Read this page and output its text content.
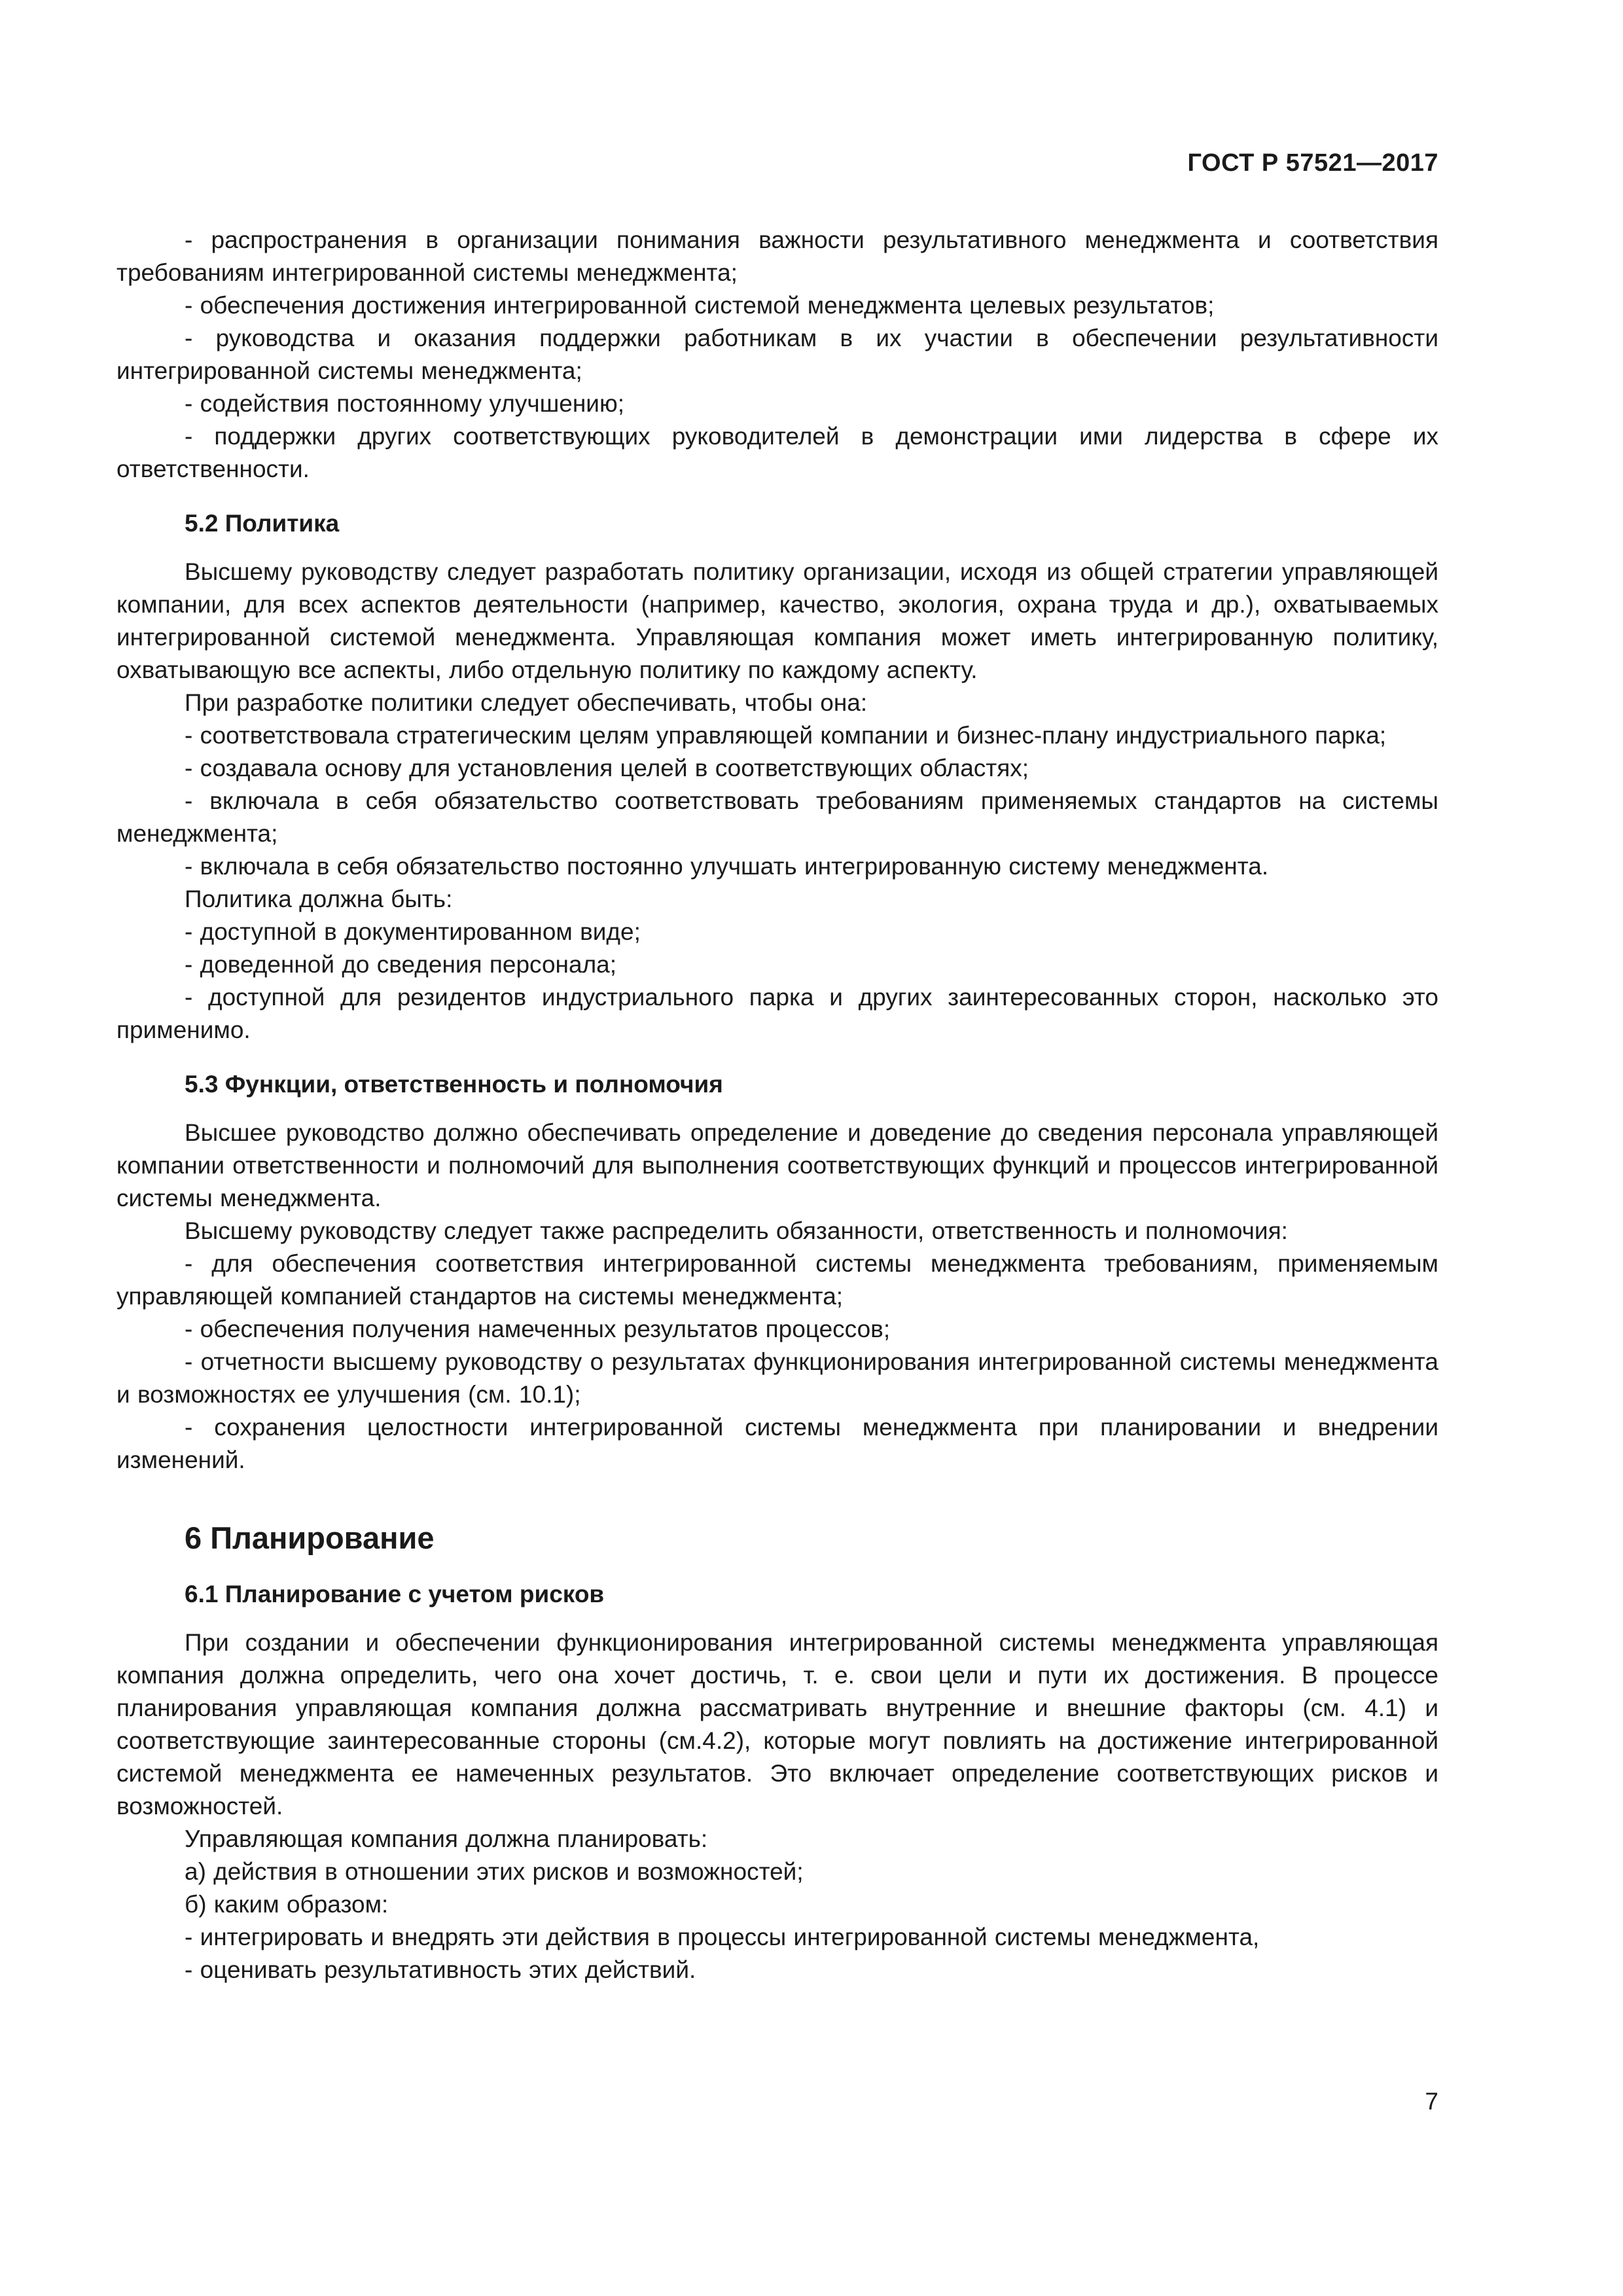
ГОСТ Р 57521—2017

- распространения в организации понимания важности результативного менеджмента и соответствия требованиям интегрированной системы менеджмента;

- обеспечения достижения интегрированной системой менеджмента целевых результатов;

- руководства и оказания поддержки работникам в их участии в обеспечении результативности интегрированной системы менеджмента;

- содействия постоянному улучшению;

- поддержки других соответствующих руководителей в демонстрации ими лидерства в сфере их ответственности.

5.2 Политика

Высшему руководству следует разработать политику организации, исходя из общей стратегии управляющей компании, для всех аспектов деятельности (например, качество, экология, охрана труда и др.), охватываемых интегрированной системой менеджмента. Управляющая компания может иметь интегрированную политику, охватывающую все аспекты, либо отдельную политику по каждому аспекту.

При разработке политики следует обеспечивать, чтобы она:

- соответствовала стратегическим целям управляющей компании и бизнес-плану индустриального парка;

- создавала основу для установления целей в соответствующих областях;

- включала в себя обязательство соответствовать требованиям применяемых стандартов на системы менеджмента;

- включала в себя обязательство постоянно улучшать интегрированную систему менеджмента.

Политика должна быть:

- доступной в документированном виде;

- доведенной до сведения персонала;

- доступной для резидентов индустриального парка и других заинтересованных сторон, насколько это применимо.

5.3 Функции, ответственность и полномочия

Высшее руководство должно обеспечивать определение и доведение до сведения персонала управляющей компании ответственности и полномочий для выполнения соответствующих функций и процессов интегрированной системы менеджмента.

Высшему руководству следует также распределить обязанности, ответственность и полномочия:

- для обеспечения соответствия интегрированной системы менеджмента требованиям, применяемым управляющей компанией стандартов на системы менеджмента;

- обеспечения получения намеченных результатов процессов;

- отчетности высшему руководству о результатах функционирования интегрированной системы менеджмента и возможностях ее улучшения (см. 10.1);

- сохранения целостности интегрированной системы менеджмента при планировании и внедрении изменений.

6 Планирование
6.1 Планирование с учетом рисков

При создании и обеспечении функционирования интегрированной системы менеджмента управляющая компания должна определить, чего она хочет достичь, т. е. свои цели и пути их достижения. В процессе планирования управляющая компания должна рассматривать внутренние и внешние факторы (см. 4.1) и соответствующие заинтересованные стороны (см.4.2), которые могут повлиять на достижение интегрированной системой менеджмента ее намеченных результатов. Это включает определение соответствующих рисков и возможностей.

Управляющая компания должна планировать:

а) действия в отношении этих рисков и возможностей;

б) каким образом:

- интегрировать и внедрять эти действия в процессы интегрированной системы менеджмента,

- оценивать результативность этих действий.

7
